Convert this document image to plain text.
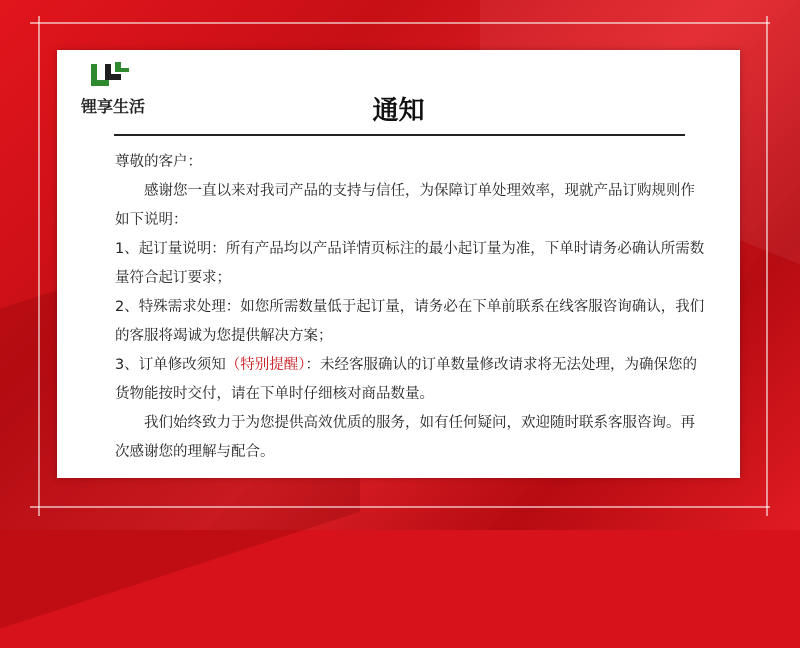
锂享生活	通知

尊敬的客户：

感谢您一直以来对我司产品的支持与信任，为保障订单处理效率，现就产品订购规则作如下说明：

1、起订量说明：所有产品均以产品详情页标注的最小起订量为准，下单时请务必确认所需数量符合起订要求；

2、特殊需求处理：如您所需数量低于起订量，请务必在下单前联系在线客服咨询确认，我们的客服将竭诚为您提供解决方案；

3、订单修改须知（特别提醒）：未经客服确认的订单数量修改请求将无法处理，为确保您的货物能按时交付，请在下单时仔细核对商品数量。

我们始终致力于为您提供高效优质的服务，如有任何疑问，欢迎随时联系客服咨询。再次感谢您的理解与配合。
